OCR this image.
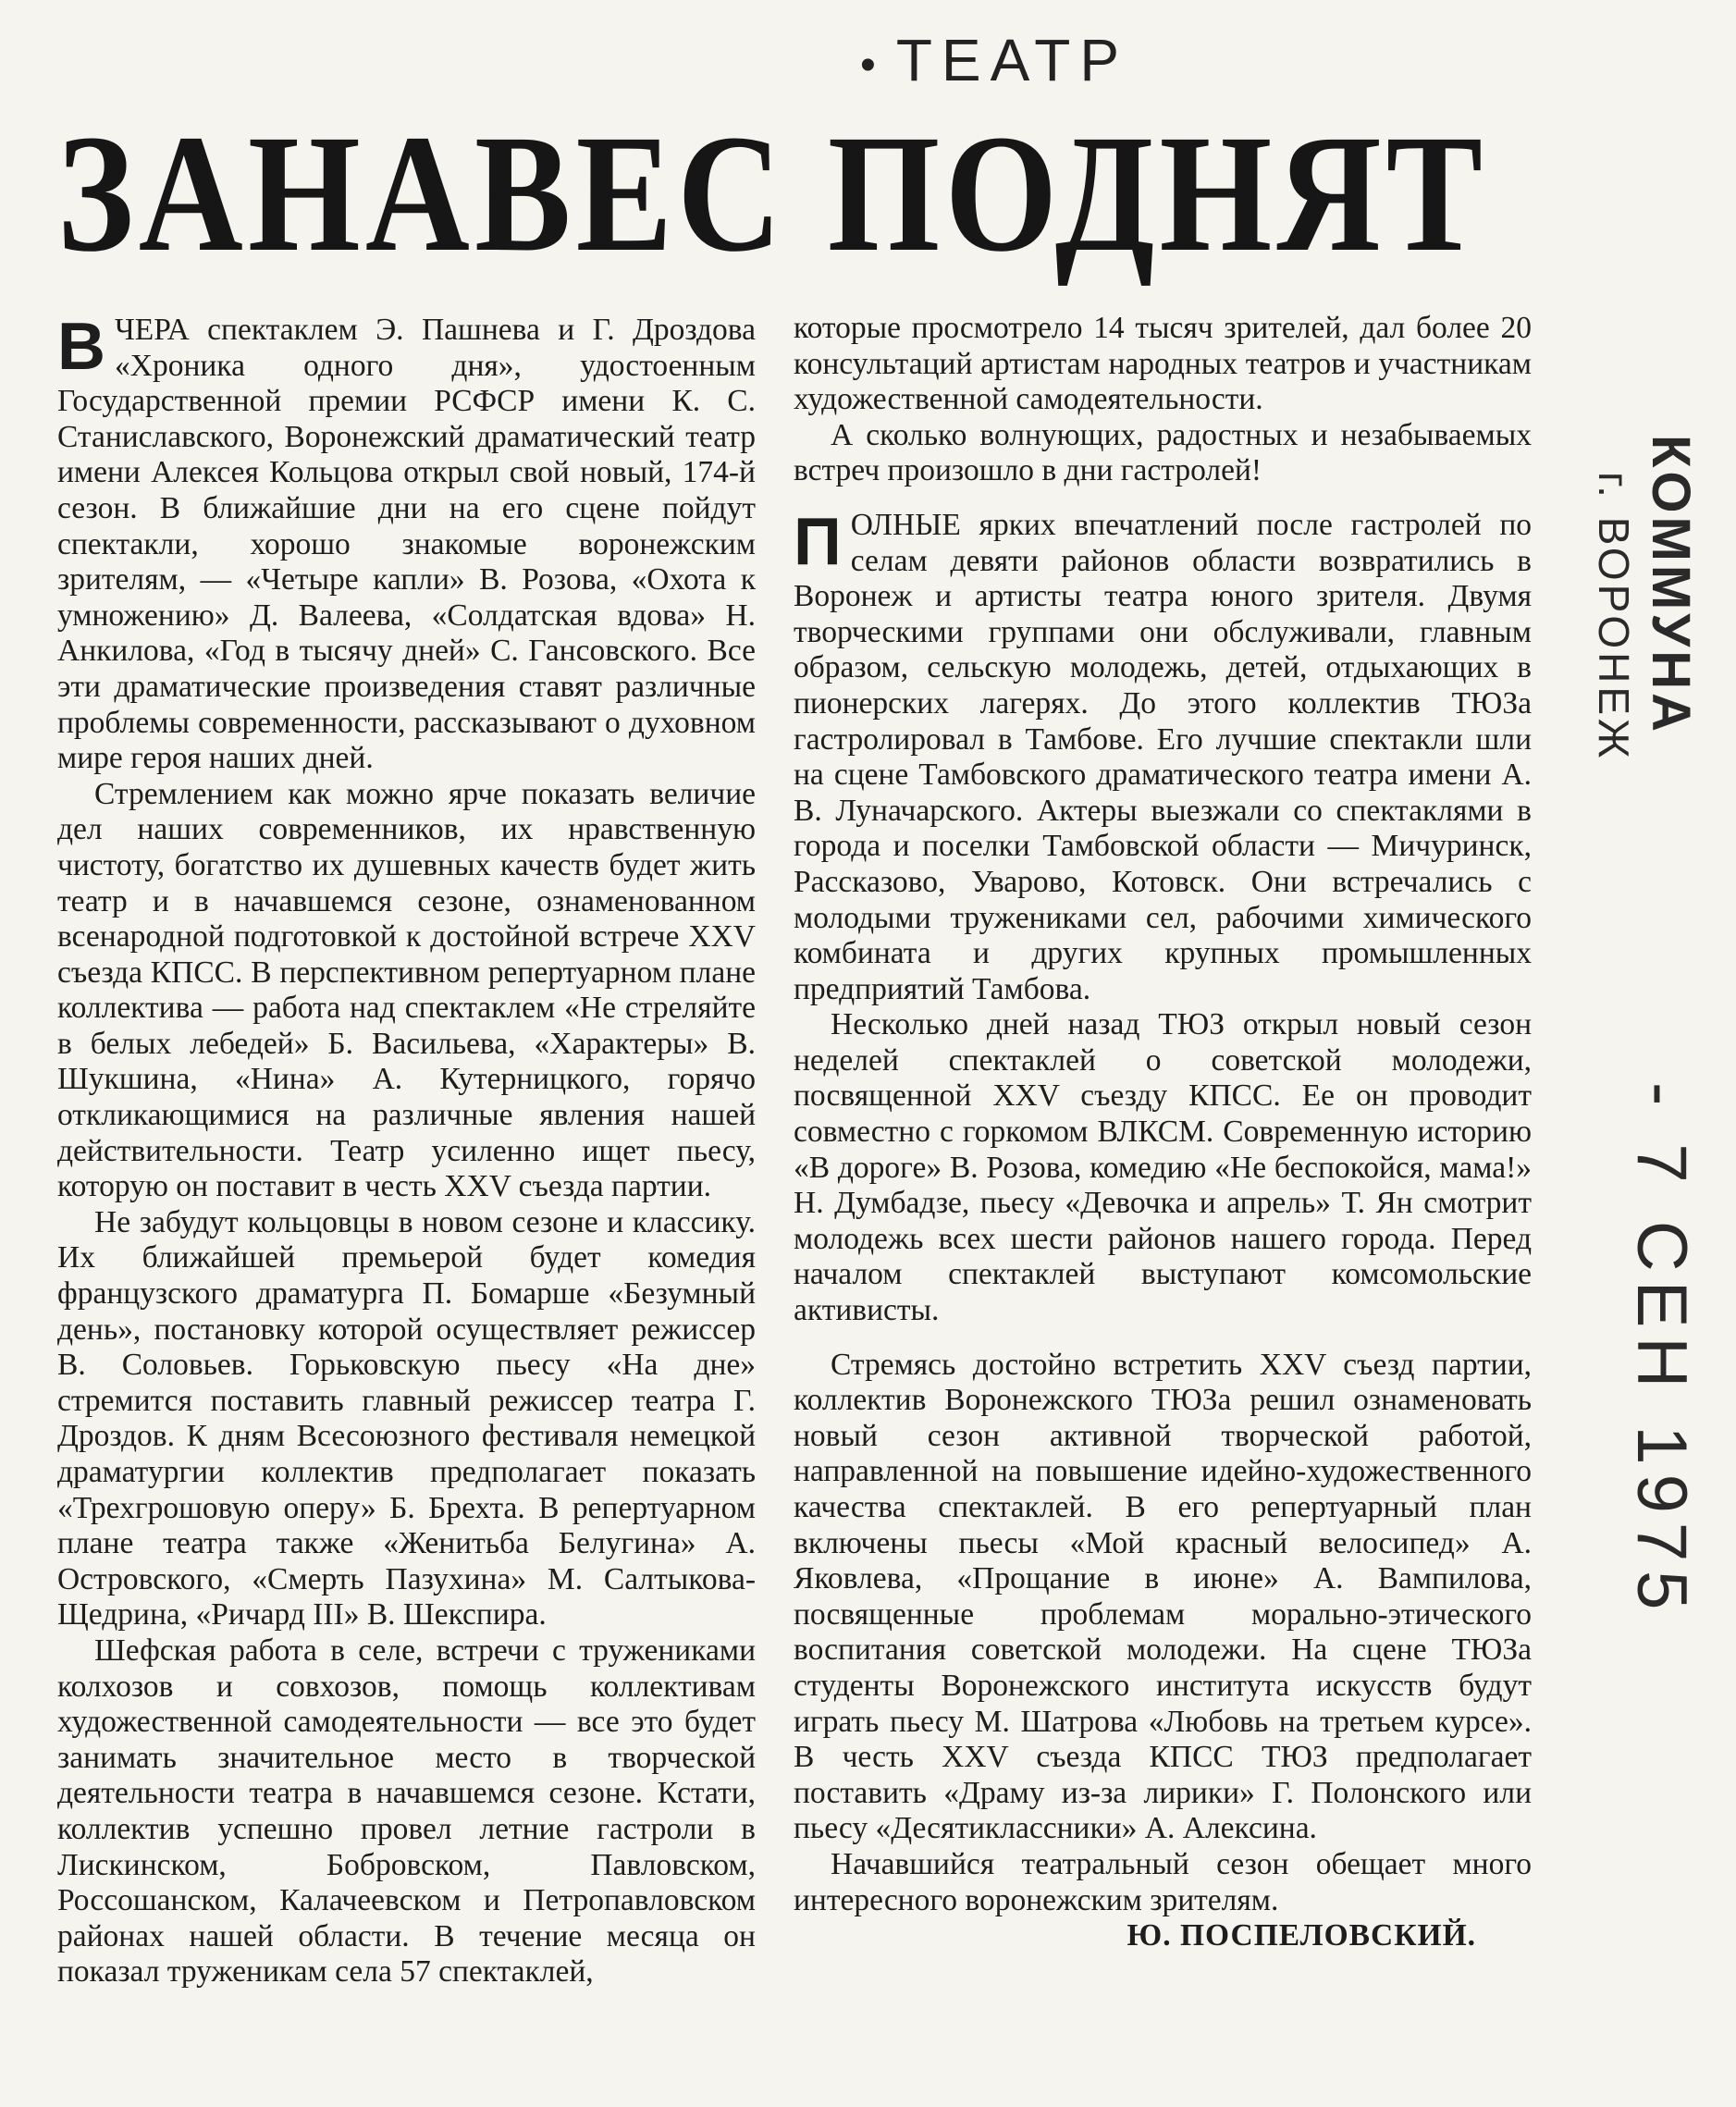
• ТЕАТР
ЗАНАВЕС ПОДНЯТ

ВЧЕРА спектаклем Э. Пашнева и Г. Дроздова «Хроника одного дня», удостоенным Государственной премии РСФСР имени К. С. Станиславского, Воронежский драматический театр имени Алексея Кольцова открыл свой новый, 174-й сезон. В ближайшие дни на его сцене пойдут спектакли, хорошо знакомые воронежским зрителям, — «Четыре капли» В. Розова, «Охота к умножению» Д. Валеева, «Солдатская вдова» Н. Анкилова, «Год в тысячу дней» С. Гансовского. Все эти драматические произведения ставят различные проблемы современности, рассказывают о духовном мире героя наших дней.

Стремлением как можно ярче показать величие дел наших современников, их нравственную чистоту, богатство их душевных качеств будет жить театр и в начавшемся сезоне, ознаменованном всенародной подготовкой к достойной встрече XXV съезда КПСС. В перспективном репертуарном плане коллектива — работа над спектаклем «Не стреляйте в белых лебедей» Б. Васильева, «Характеры» В. Шукшина, «Нина» А. Кутерницкого, горячо откликающимися на различные явления нашей действительности. Театр усиленно ищет пьесу, которую он поставит в честь XXV съезда партии.

Не забудут кольцовцы в новом сезоне и классику. Их ближайшей премьерой будет комедия французского драматурга П. Бомарше «Безумный день», постановку которой осуществляет режиссер В. Соловьев. Горьковскую пьесу «На дне» стремится поставить главный режиссер театра Г. Дроздов. К дням Всесоюзного фестиваля немецкой драматургии коллектив предполагает показать «Трехгрошовую оперу» Б. Брехта. В репертуарном плане театра также «Женитьба Белугина» А. Островского, «Смерть Пазухина» М. Салтыкова-Щедрина, «Ричард III» В. Шекспира.

Шефская работа в селе, встречи с тружениками колхозов и совхозов, помощь коллективам художественной самодеятельности — все это будет занимать значительное место в творческой деятельности театра в начавшемся сезоне. Кстати, коллектив успешно провел летние гастроли в Лискинском, Бобровском, Павловском, Россошанском, Калачеевском и Петропавловском районах нашей области. В течение месяца он показал труженикам села 57 спектаклей,

которые просмотрело 14 тысяч зрителей, дал более 20 консультаций артистам народных театров и участникам художественной самодеятельности.

А сколько волнующих, радостных и незабываемых встреч произошло в дни гастролей!

ПОЛНЫЕ ярких впечатлений после гастролей по селам девяти районов области возвратились в Воронеж и артисты театра юного зрителя. Двумя творческими группами они обслуживали, главным образом, сельскую молодежь, детей, отдыхающих в пионерских лагерях. До этого коллектив ТЮЗа гастролировал в Тамбове. Его лучшие спектакли шли на сцене Тамбовского драматического театра имени А. В. Луначарского. Актеры выезжали со спектаклями в города и поселки Тамбовской области — Мичуринск, Рассказово, Уварово, Котовск. Они встречались с молодыми тружениками сел, рабочими химического комбината и других крупных промышленных предприятий Тамбова.

Несколько дней назад ТЮЗ открыл новый сезон неделей спектаклей о советской молодежи, посвященной XXV съезду КПСС. Ее он проводит совместно с горкомом ВЛКСМ. Современную историю «В дороге» В. Розова, комедию «Не беспокойся, мама!» Н. Думбадзе, пьесу «Девочка и апрель» Т. Ян смотрит молодежь всех шести районов нашего города. Перед началом спектаклей выступают комсомольские активисты.

Стремясь достойно встретить XXV съезд партии, коллектив Воронежского ТЮЗа решил ознаменовать новый сезон активной творческой работой, направленной на повышение идейно-художественного качества спектаклей. В его репертуарный план включены пьесы «Мой красный велосипед» А. Яковлева, «Прощание в июне» А. Вампилова, посвященные проблемам морально-этического воспитания советской молодежи. На сцене ТЮЗа студенты Воронежского института искусств будут играть пьесу М. Шатрова «Любовь на третьем курсе». В честь XXV съезда КПСС ТЮЗ предполагает поставить «Драму из-за лирики» Г. Полонского или пьесу «Десятиклассники» А. Алексина.

Начавшийся театральный сезон обещает много интересного воронежским зрителям.

Ю. ПОСПЕЛОВСКИЙ.
КОММУНА
г. ВОРОНЕЖ
- 7 СЕН 1975
